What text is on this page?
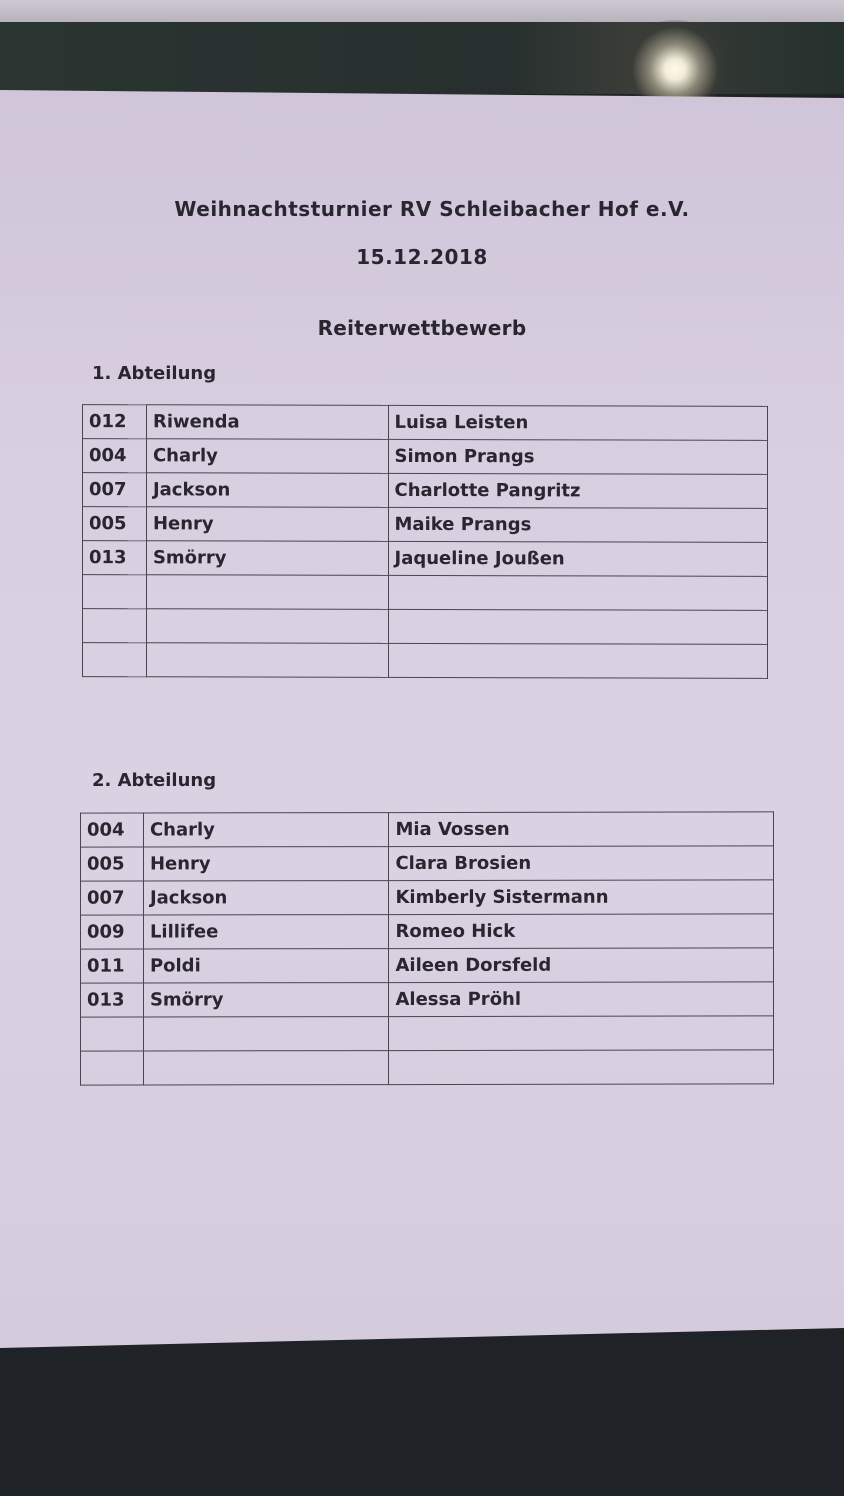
Weihnachtsturnier RV Schleibacher Hof e.V.
15.12.2018
Reiterwettbewerb
1. Abteilung
012	Riwenda	Luisa Leisten
004	Charly	Simon Prangs
007	Jackson	Charlotte Pangritz
005	Henry	Maike Prangs
013	Smörry	Jaqueline Joußen

2. Abteilung
004	Charly	Mia Vossen
005	Henry	Clara Brosien
007	Jackson	Kimberly Sistermann
009	Lillifee	Romeo Hick
011	Poldi	Aileen Dorsfeld
013	Smörry	Alessa Pröhl
